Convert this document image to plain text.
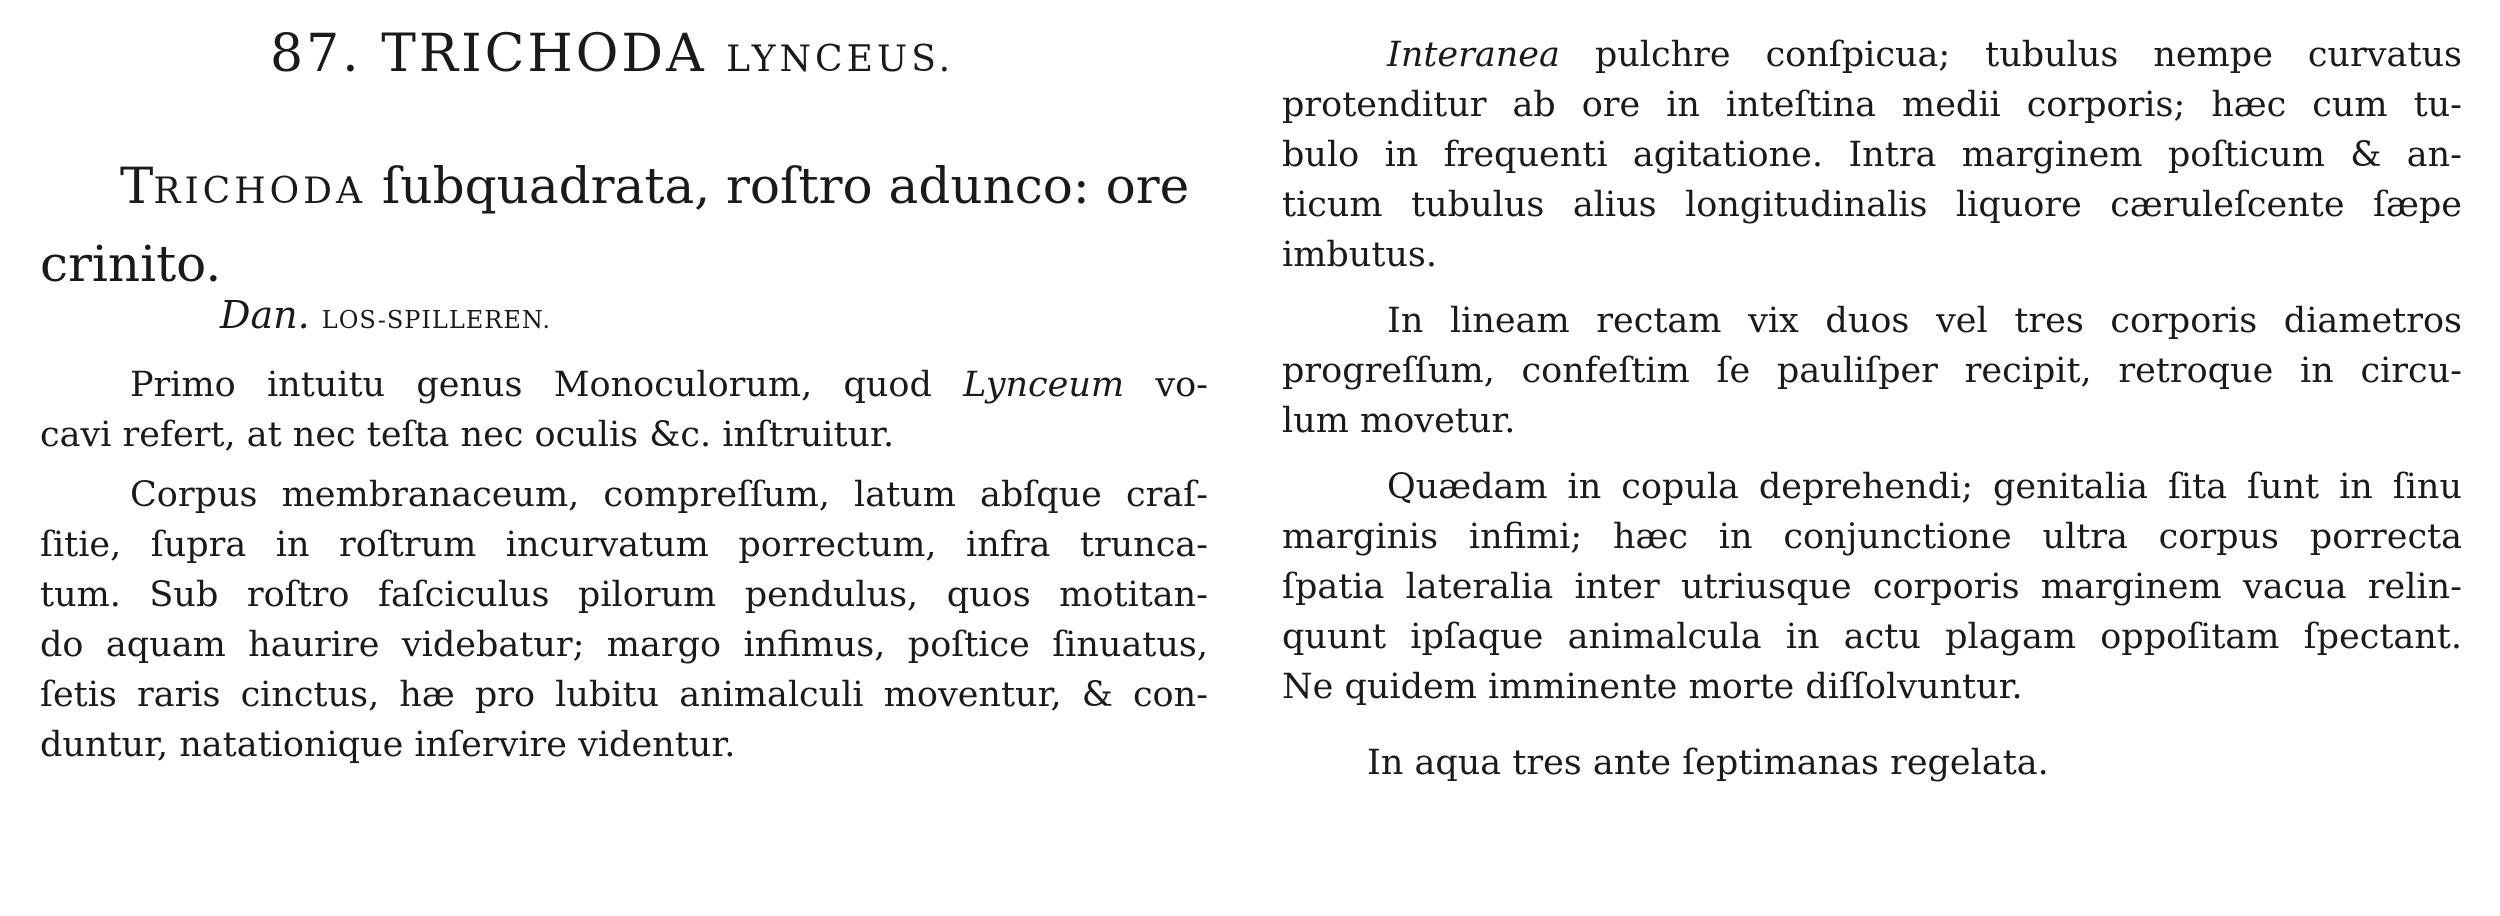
87. TRICHODA LYNCEUS.
TRICHODA ſubquadrata, roſtro adunco: ore
crinito.
Dan. LOS-SPILLEREN.
Primo intuitu genus Monoculorum, quod Lynceum vo-
cavi refert, at nec teſta nec oculis &c. inſtruitur.
Corpus membranaceum, compreſſum, latum abſque craſ-
ſitie, ſupra in roſtrum incurvatum porrectum, infra trunca-
tum. Sub roſtro faſciculus pilorum pendulus, quos motitan-
do aquam haurire videbatur; margo infimus, poſtice ſinuatus,
ſetis raris cinctus, hæ pro lubitu animalculi moventur, & con-
duntur, natationique inſervire videntur.
Interanea pulchre conſpicua; tubulus nempe curvatus
protenditur ab ore in inteſtina medii corporis; hæc cum tu-
bulo in frequenti agitatione. Intra marginem poſticum & an-
ticum tubulus alius longitudinalis liquore cæruleſcente ſæpe
imbutus.
In lineam rectam vix duos vel tres corporis diametros
progreſſum, confeſtim ſe pauliſper recipit, retroque in circu-
lum movetur.
Quædam in copula deprehendi; genitalia ſita ſunt in ſinu
marginis infimi; hæc in conjunctione ultra corpus porrecta
ſpatia lateralia inter utriusque corporis marginem vacua relin-
quunt ipſaque animalcula in actu plagam oppoſitam ſpectant.
Ne quidem imminente morte diſſolvuntur.
In aqua tres ante ſeptimanas regelata.
